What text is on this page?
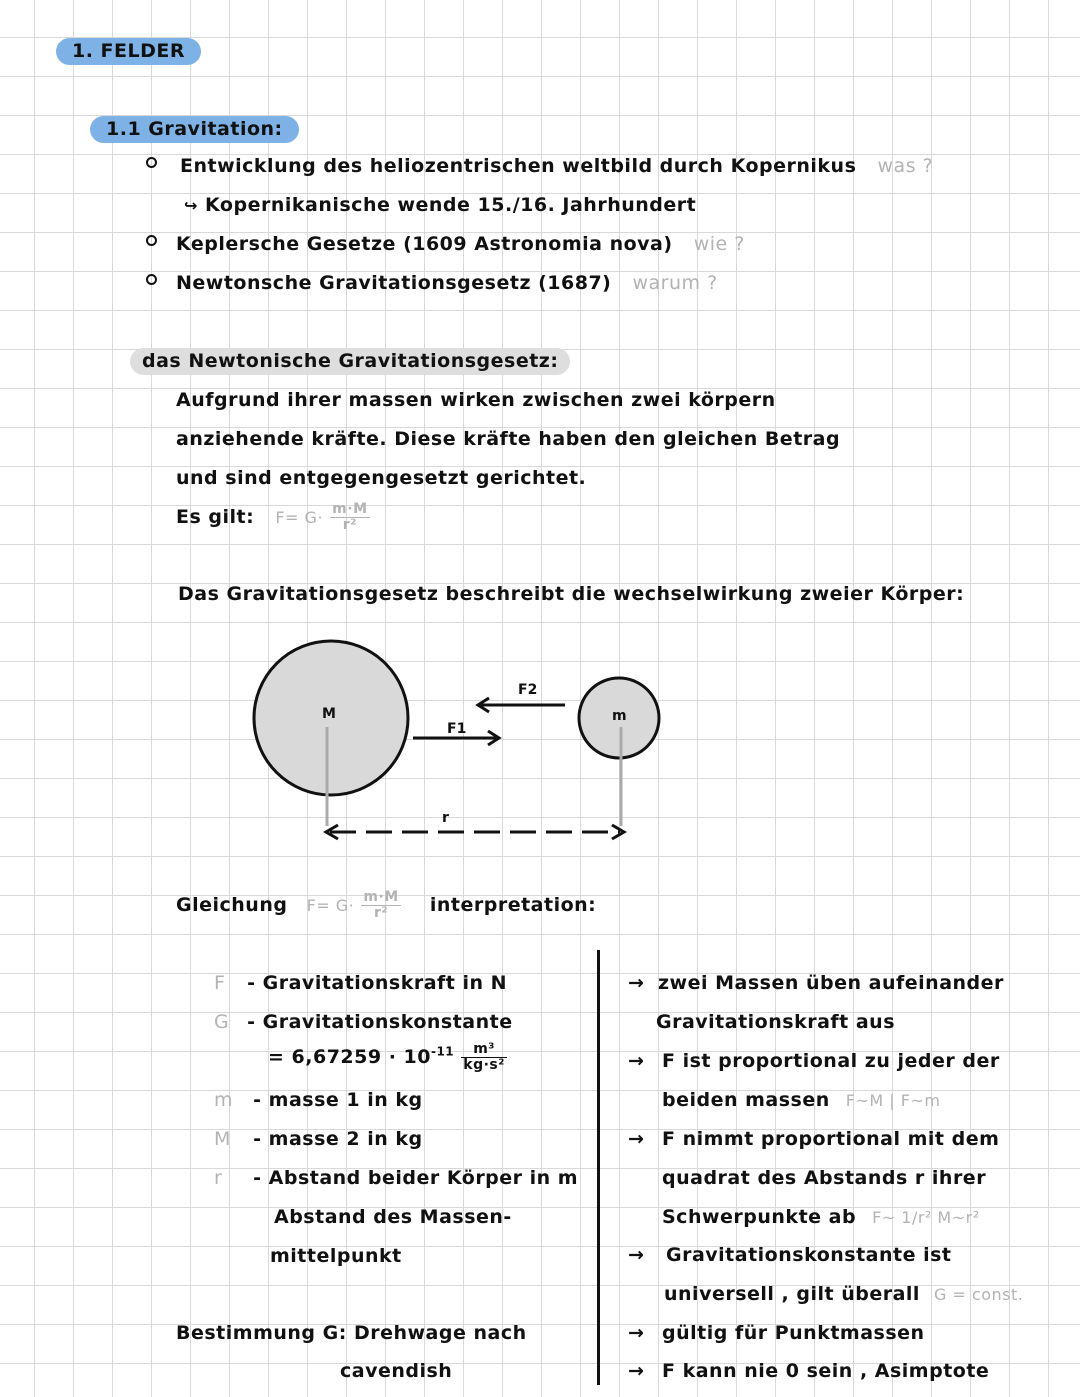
1. FELDER
1.1 Gravitation:
Entwicklung des heliozentrischen weltbild durch Kopernikus was ?
↪ Kopernikanische wende 15./16. Jahrhundert
Keplersche Gesetze (1609 Astronomia nova) wie ?
Newtonsche Gravitationsgesetz (1687) warum ?
das Newtonische Gravitationsgesetz:
Aufgrund ihrer massen wirken zwischen zwei körpern
anziehende kräfte. Diese kräfte haben den gleichen Betrag
und sind entgegengesetzt gerichtet.
Es gilt: $F= G\cdot \frac{m\cdot M}{\text{r²}}$
Das Gravitationsgesetz beschreibt die wechselwirkung zweier Körper:
M	m
F1
F2
r
Gleichung $F= G\cdot \frac{m\cdot M}{\text{r²}}$ interpretation:
F - Gravitationskraft in N
G - Gravitationskonstante
= $6,67259 \cdot 10^{-11} \frac{\text{m³}}{\text{kg·s²}}$
m - masse 1 in kg
M - masse 2 in kg
r - Abstand beider Körper in m
Abstand des Massen-
mittelpunkt
Bestimmung G: Drehwage nach
cavendish
→ zwei Massen üben aufeinander
Gravitationskraft aus
→ F ist proportional zu jeder der
beiden massen F~M | F~m
→ F nimmt proportional mit dem
quadrat des Abstands r ihrer
Schwerpunkte ab F~ 1/r² M~r²
→ Gravitationskonstante ist
universell , gilt überall G = const.
→ gültig für Punktmassen
→ F kann nie 0 sein , Asimptote
